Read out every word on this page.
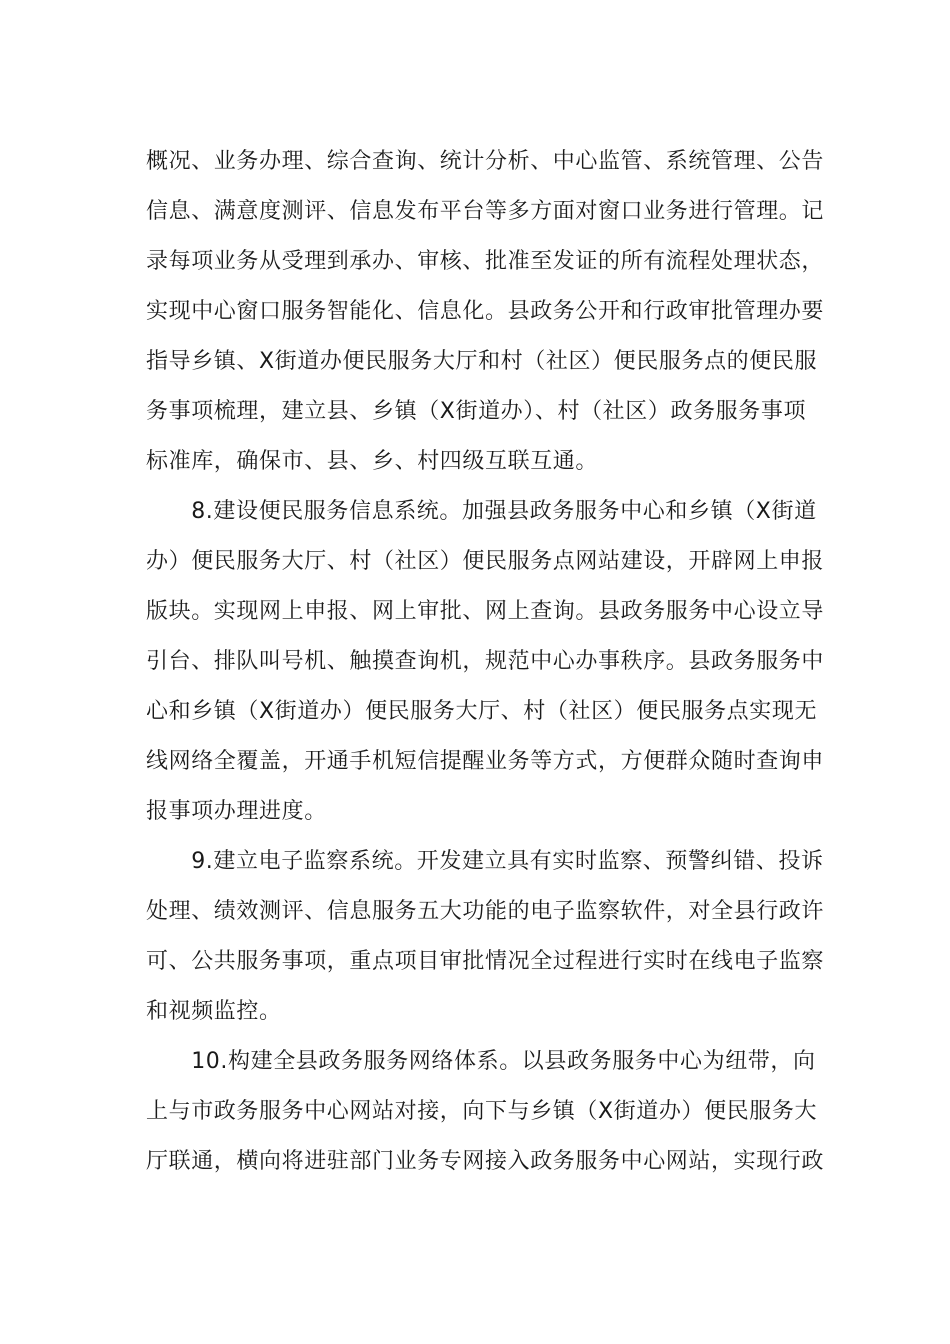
概况、业务办理、综合查询、统计分析、中心监管、系统管理、公告
信息、满意度测评、信息发布平台等多方面对窗口业务进行管理。记
录每项业务从受理到承办、审核、批准至发证的所有流程处理状态，
实现中心窗口服务智能化、信息化。县政务公开和行政审批管理办要
指导乡镇、X街道办便民服务大厅和村（社区）便民服务点的便民服
务事项梳理，建立县、乡镇（X街道办）、村（社区）政务服务事项
标准库，确保市、县、乡、村四级互联互通。
　　8.建设便民服务信息系统。加强县政务服务中心和乡镇（X街道
办）便民服务大厅、村（社区）便民服务点网站建设，开辟网上申报
版块。实现网上申报、网上审批、网上查询。县政务服务中心设立导
引台、排队叫号机、触摸查询机，规范中心办事秩序。县政务服务中
心和乡镇（X街道办）便民服务大厅、村（社区）便民服务点实现无
线网络全覆盖，开通手机短信提醒业务等方式，方便群众随时查询申
报事项办理进度。
　　9.建立电子监察系统。开发建立具有实时监察、预警纠错、投诉
处理、绩效测评、信息服务五大功能的电子监察软件，对全县行政许
可、公共服务事项，重点项目审批情况全过程进行实时在线电子监察
和视频监控。
　　10.构建全县政务服务网络体系。以县政务服务中心为纽带，向
上与市政务服务中心网站对接，向下与乡镇（X街道办）便民服务大
厅联通，横向将进驻部门业务专网接入政务服务中心网站，实现行政
